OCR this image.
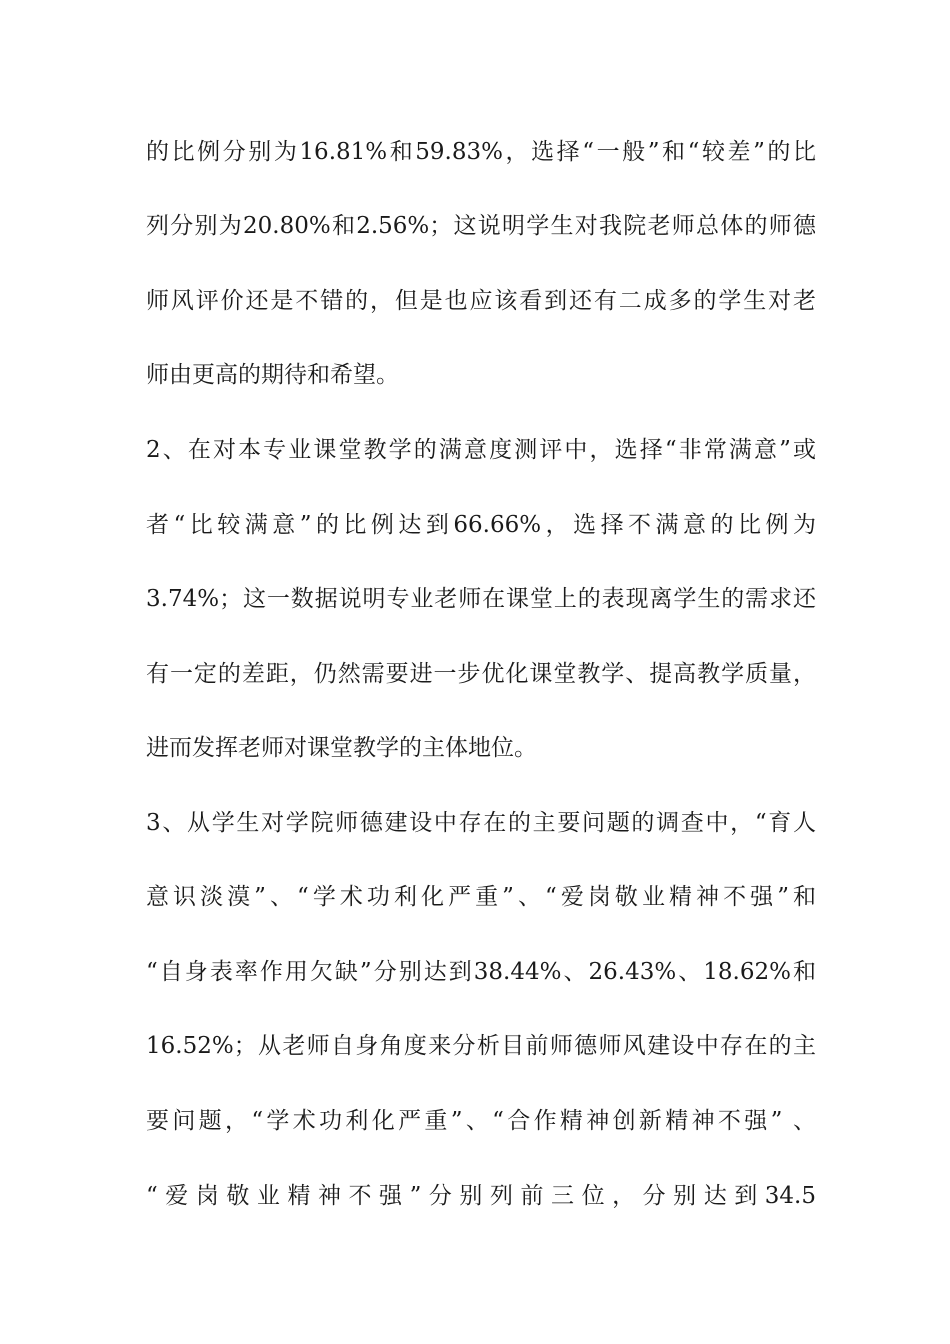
的比例分别为16.81%和59.83%，选择“一般”和“较差”的比

列分别为20.80%和2.56%；这说明学生对我院老师总体的师德

师风评价还是不错的，但是也应该看到还有二成多的学生对老

师由更高的期待和希望。

2、在对本专业课堂教学的满意度测评中，选择“非常满意”或

者“比较满意”的比例达到66.66%，选择不满意的比例为

3.74%；这一数据说明专业老师在课堂上的表现离学生的需求还

有一定的差距，仍然需要进一步优化课堂教学、提高教学质量，

进而发挥老师对课堂教学的主体地位。

3、从学生对学院师德建设中存在的主要问题的调查中，“育人

意识淡漠”、“学术功利化严重”、“爱岗敬业精神不强”和

“自身表率作用欠缺”分别达到38.44%、26.43%、18.62%和

16.52%；从老师自身角度来分析目前师德师风建设中存在的主

要问题，“学术功利化严重”、“合作精神创新精神不强” 、

“爱岗敬业精神不强”分别列前三位，分别达到34.5
